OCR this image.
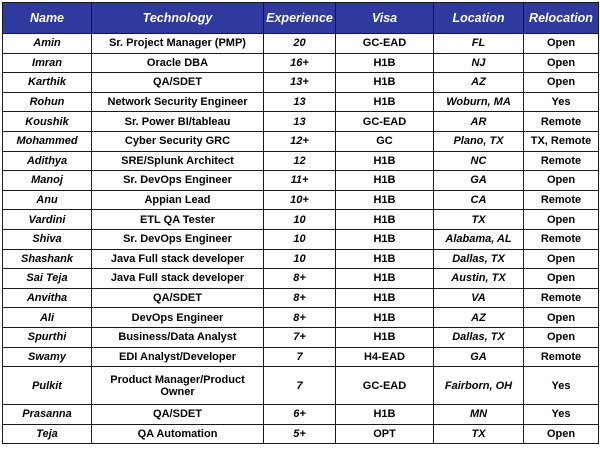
Name	Technology	Experience	Visa	Location	Relocation
Amin	Sr. Project Manager (PMP)	20	GC-EAD	FL	Open
Imran	Oracle DBA	16+	H1B	NJ	Open
Karthik	QA/SDET	13+	H1B	AZ	Open
Rohun	Network Security Engineer	13	H1B	Woburn, MA	Yes
Koushik	Sr. Power BI/tableau	13	GC-EAD	AR	Remote
Mohammed	Cyber Security GRC	12+	GC	Plano, TX	TX, Remote
Adithya	SRE/Splunk Architect	12	H1B	NC	Remote
Manoj	Sr. DevOps Engineer	11+	H1B	GA	Open
Anu	Appian Lead	10+	H1B	CA	Remote
Vardini	ETL QA Tester	10	H1B	TX	Open
Shiva	Sr. DevOps Engineer	10	H1B	Alabama, AL	Remote
Shashank	Java Full stack developer	10	H1B	Dallas, TX	Open
Sai Teja	Java Full stack developer	8+	H1B	Austin, TX	Open
Anvitha	QA/SDET	8+	H1B	VA	Remote
Ali	DevOps Engineer	8+	H1B	AZ	Open
Spurthi	Business/Data Analyst	7+	H1B	Dallas, TX	Open
Swamy	EDI Analyst/Developer	7	H4-EAD	GA	Remote
Pulkit	Product Manager/Product Owner	7	GC-EAD	Fairborn, OH	Yes
Prasanna	QA/SDET	6+	H1B	MN	Yes
Teja	QA Automation	5+	OPT	TX	Open
